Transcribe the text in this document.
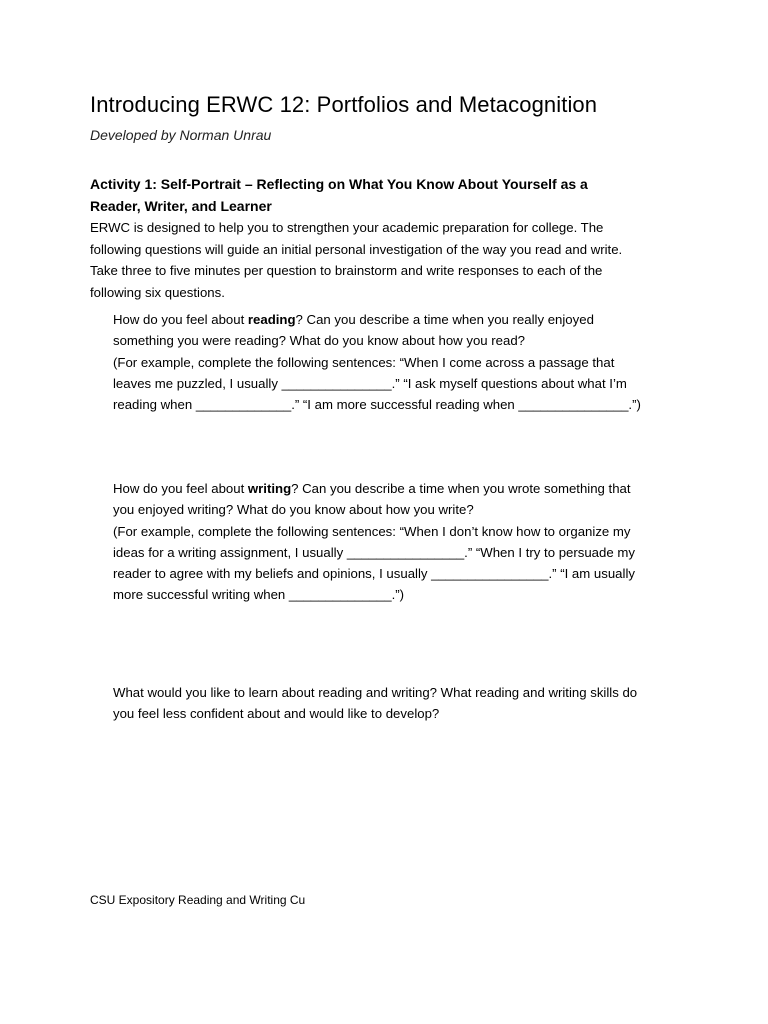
Introducing ERWC 12: Portfolios and Metacognition

Developed by Norman Unrau

Activity 1: Self-Portrait – Reflecting on What You Know About Yourself as a
Reader, Writer, and Learner

ERWC is designed to help you to strengthen your academic preparation for college. The
following questions will guide an initial personal investigation of the way you read and write.
Take three to five minutes per question to brainstorm and write responses to each of the
following six questions.

How do you feel about reading? Can you describe a time when you really enjoyed
something you were reading? What do you know about how you read?
(For example, complete the following sentences: “When I come across a passage that
leaves me puzzled, I usually _______________.” “I ask myself questions about what I’m
reading when _____________.” “I am more successful reading when _______________.”)

How do you feel about writing? Can you describe a time when you wrote something that
you enjoyed writing? What do you know about how you write?
(For example, complete the following sentences: “When I don’t know how to organize my
ideas for a writing assignment, I usually ________________.” “When I try to persuade my
reader to agree with my beliefs and opinions, I usually ________________.” “I am usually
more successful writing when ______________.”)

What would you like to learn about reading and writing? What reading and writing skills do
you feel less confident about and would like to develop?

CSU Expository Reading and Writing Cu
